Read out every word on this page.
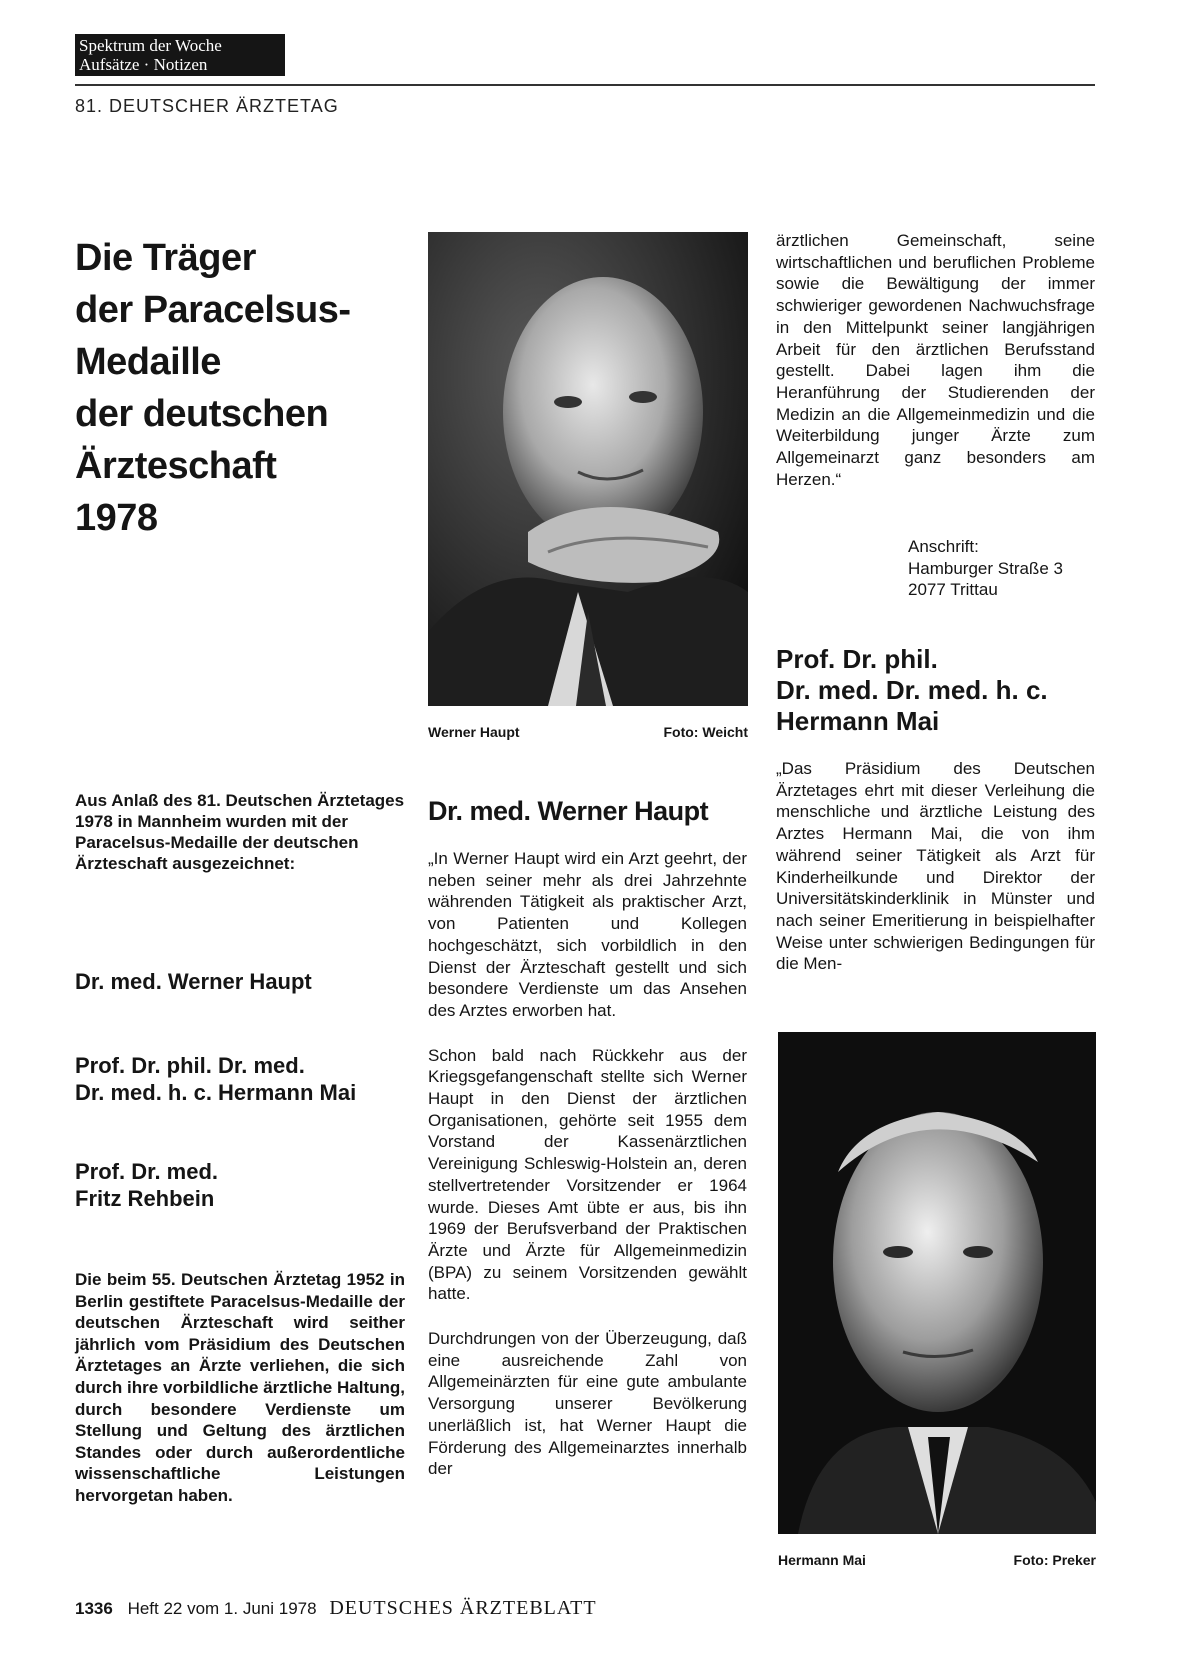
Spektrum der Woche
Aufsätze · Notizen
81. DEUTSCHER ÄRZTETAG
Die Träger
der Paracelsus-
Medaille
der deutschen
Ärzteschaft
1978
Aus Anlaß des 81. Deutschen Ärztetages 1978 in Mannheim wurden mit der Paracelsus-Medaille der deutschen Ärzteschaft ausgezeichnet:
Dr. med. Werner Haupt
Prof. Dr. phil. Dr. med.
Dr. med. h. c. Hermann Mai
Prof. Dr. med.
Fritz Rehbein
Die beim 55. Deutschen Ärztetag 1952 in Berlin gestiftete Paracelsus-Medaille der deutschen Ärzteschaft wird seither jährlich vom Präsidium des Deutschen Ärztetages an Ärzte verliehen, die sich durch ihre vorbildliche ärztliche Haltung, durch besondere Verdienste um Stellung und Geltung des ärztlichen Standes oder durch außerordentliche wissenschaftliche Leistungen hervorgetan haben.
Werner Haupt	Foto: Weicht
Dr. med. Werner Haupt

„In Werner Haupt wird ein Arzt geehrt, der neben seiner mehr als drei Jahrzehnte währenden Tätigkeit als praktischer Arzt, von Patienten und Kollegen hochgeschätzt, sich vorbildlich in den Dienst der Ärzteschaft gestellt und sich besondere Verdienste um das Ansehen des Arztes erworben hat.

Schon bald nach Rückkehr aus der Kriegsgefangenschaft stellte sich Werner Haupt in den Dienst der ärztlichen Organisationen, gehörte seit 1955 dem Vorstand der Kassenärztlichen Vereinigung Schleswig-Holstein an, deren stellvertretender Vorsitzender er 1964 wurde. Dieses Amt übte er aus, bis ihn 1969 der Berufsverband der Praktischen Ärzte und Ärzte für Allgemeinmedizin (BPA) zu seinem Vorsitzenden gewählt hatte.

Durchdrungen von der Überzeugung, daß eine ausreichende Zahl von Allgemeinärzten für eine gute ambulante Versorgung unserer Bevölkerung unerläßlich ist, hat Werner Haupt die Förderung des Allgemeinarztes innerhalb der

ärztlichen Gemeinschaft, seine wirtschaftlichen und beruflichen Probleme sowie die Bewältigung der immer schwieriger gewordenen Nachwuchsfrage in den Mittelpunkt seiner langjährigen Arbeit für den ärztlichen Berufsstand gestellt. Dabei lagen ihm die Heranführung der Studierenden der Medizin an die Allgemeinmedizin und die Weiterbildung junger Ärzte zum Allgemeinarzt ganz besonders am Herzen.“
Anschrift:
Hamburger Straße 3
2077 Trittau
Prof. Dr. phil.
Dr. med. Dr. med. h. c.
Hermann Mai
„Das Präsidium des Deutschen Ärztetages ehrt mit dieser Verleihung die menschliche und ärztliche Leistung des Arztes Hermann Mai, die von ihm während seiner Tätigkeit als Arzt für Kinderheilkunde und Direktor der Universitätskinderklinik in Münster und nach seiner Emeritierung in beispielhafter Weise unter schwierigen Bedingungen für die Men-
Hermann Mai	Foto: Preker
1336 Heft 22 vom 1. Juni 1978 DEUTSCHES ÄRZTEBLATT
